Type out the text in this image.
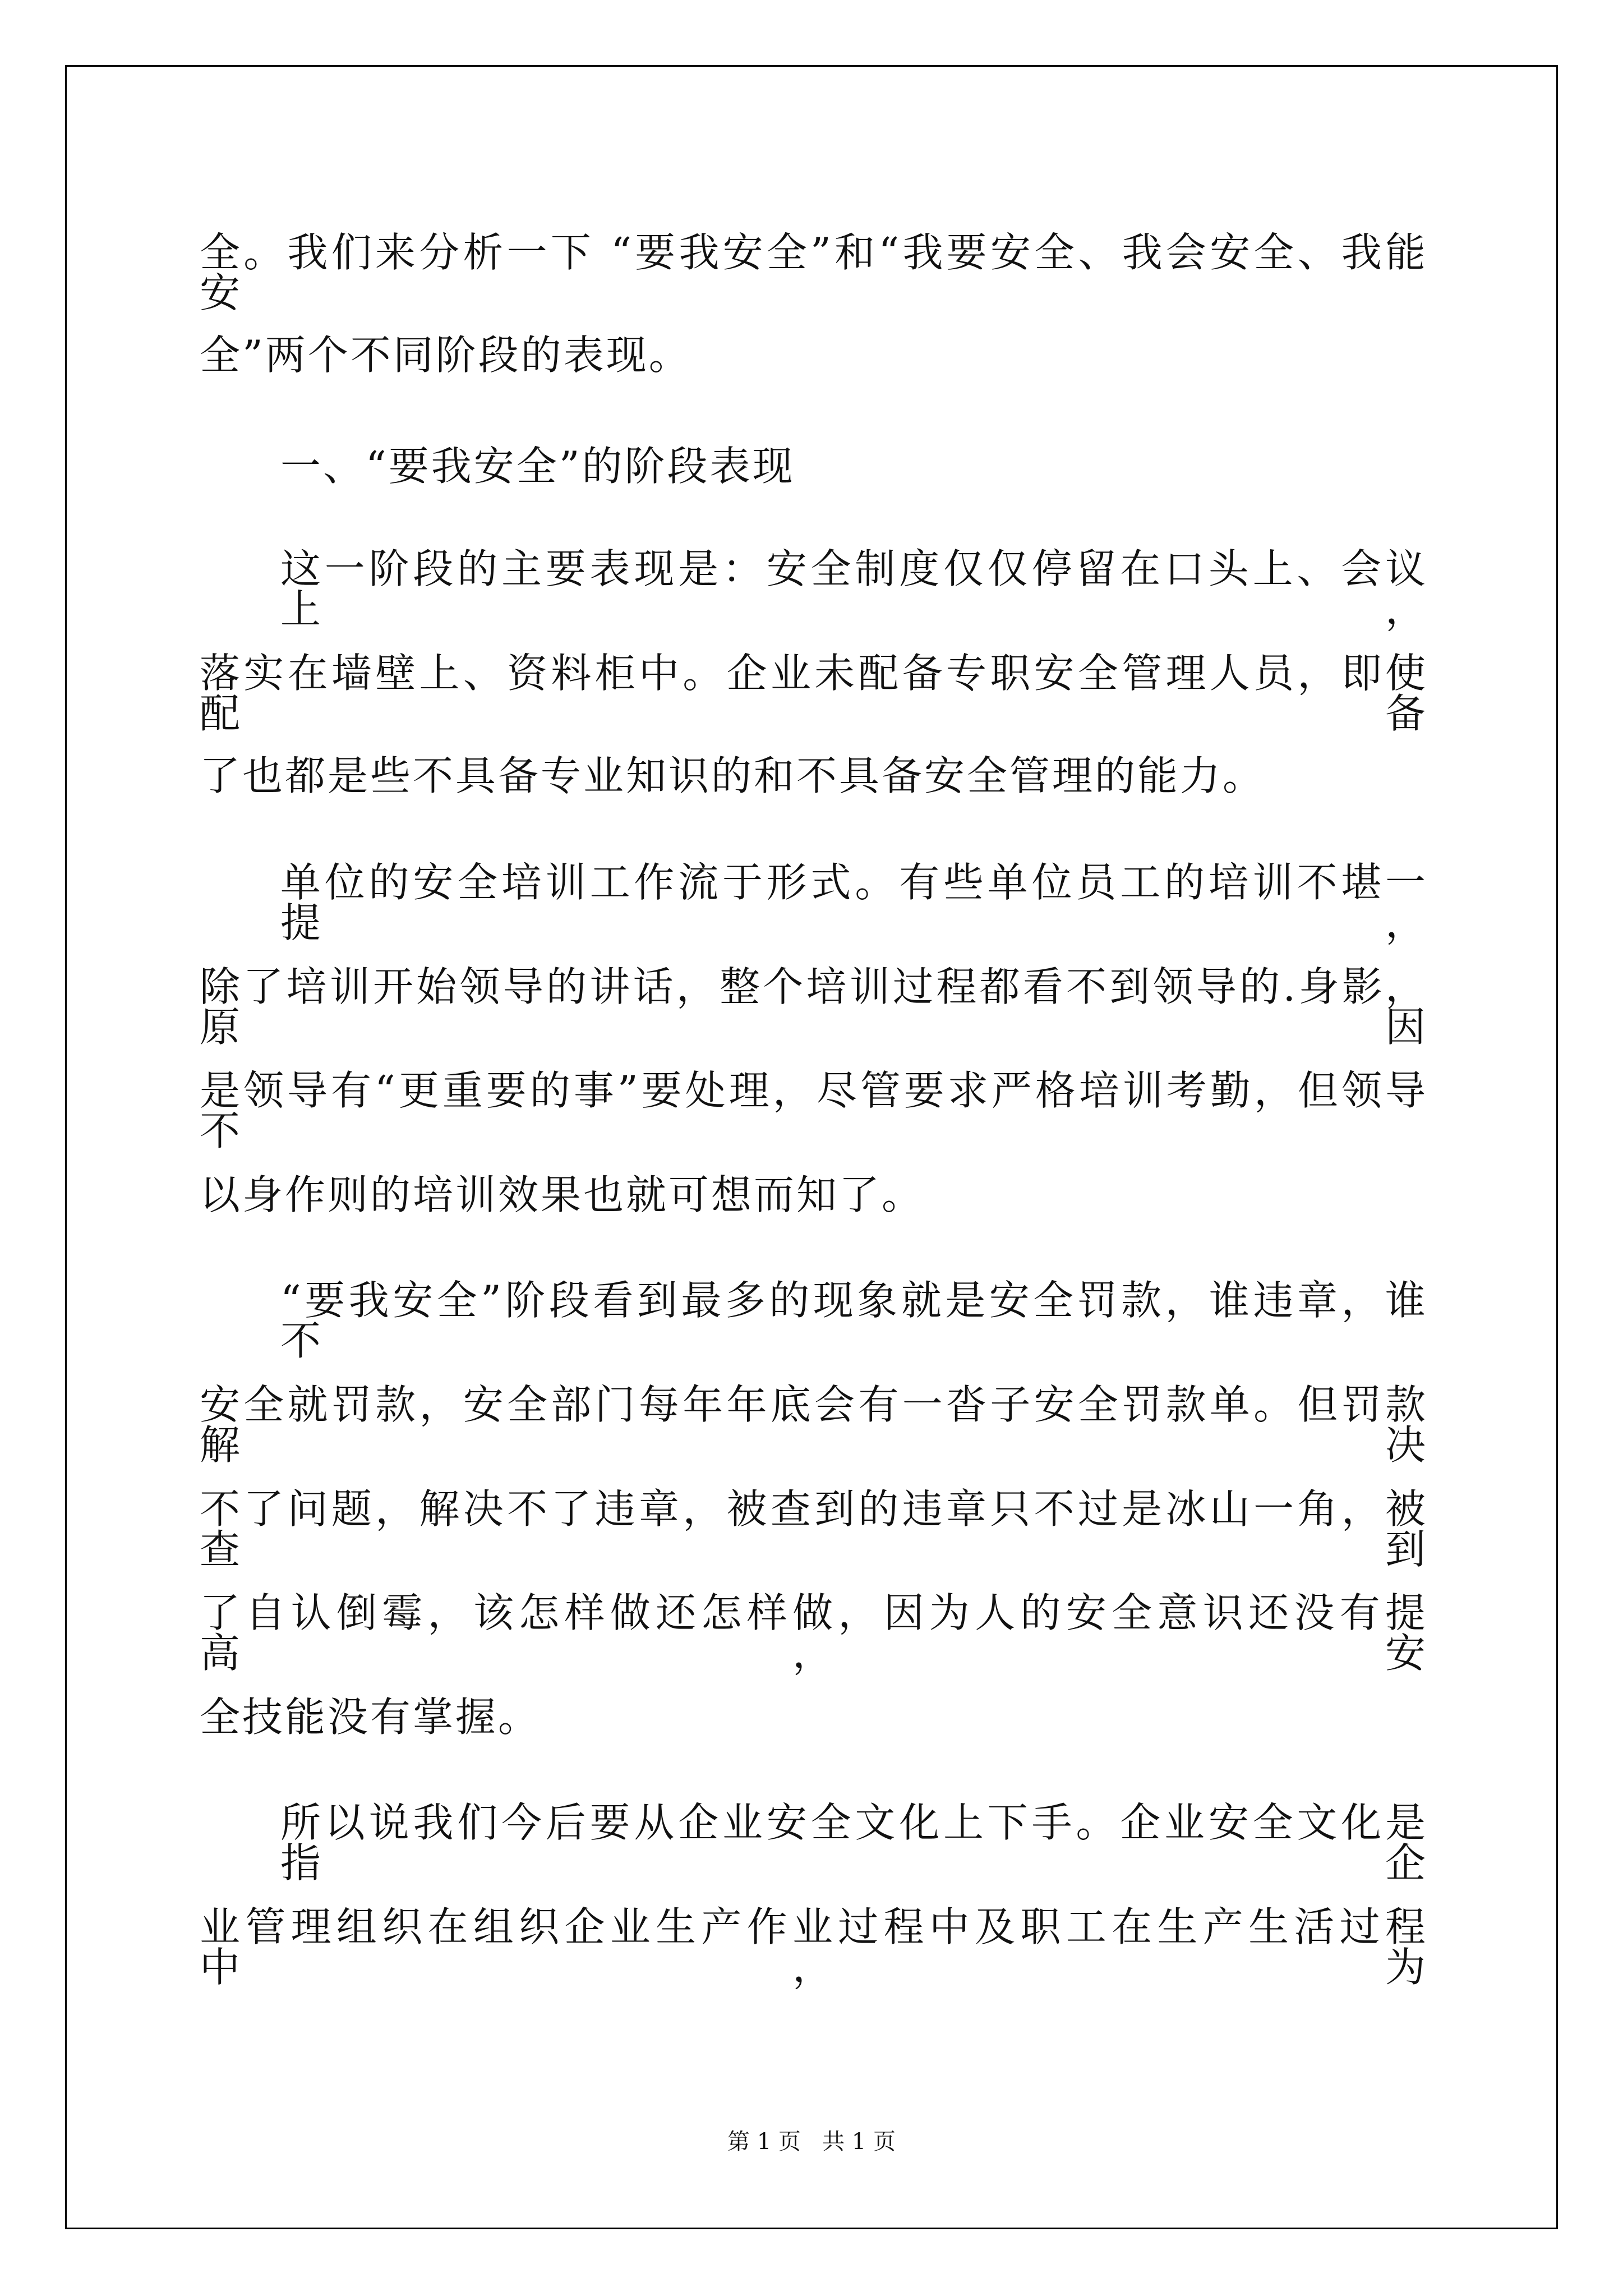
全。我们来分析一下 “要我安全”和“我要安全、我会安全、我能安
全”两个不同阶段的表现。
一、“要我安全”的阶段表现
这一阶段的主要表现是：安全制度仅仅停留在口头上、会议上，
落实在墙壁上、资料柜中。企业未配备专职安全管理人员，即使配备
了也都是些不具备专业知识的和不具备安全管理的能力。
单位的安全培训工作流于形式。有些单位员工的培训不堪一提，
除了培训开始领导的讲话，整个培训过程都看不到领导的.身影，原因
是领导有“更重要的事”要处理，尽管要求严格培训考勤，但领导不
以身作则的培训效果也就可想而知了。
“要我安全”阶段看到最多的现象就是安全罚款，谁违章，谁不
安全就罚款，安全部门每年年底会有一沓子安全罚款单。但罚款解决
不了问题，解决不了违章，被查到的违章只不过是冰山一角，被查到
了自认倒霉，该怎样做还怎样做，因为人的安全意识还没有提高，安
全技能没有掌握。
所以说我们今后要从企业安全文化上下手。企业安全文化是指企
业管理组织在组织企业生产作业过程中及职工在生产生活过程中，为
第 1 页   共 1 页
